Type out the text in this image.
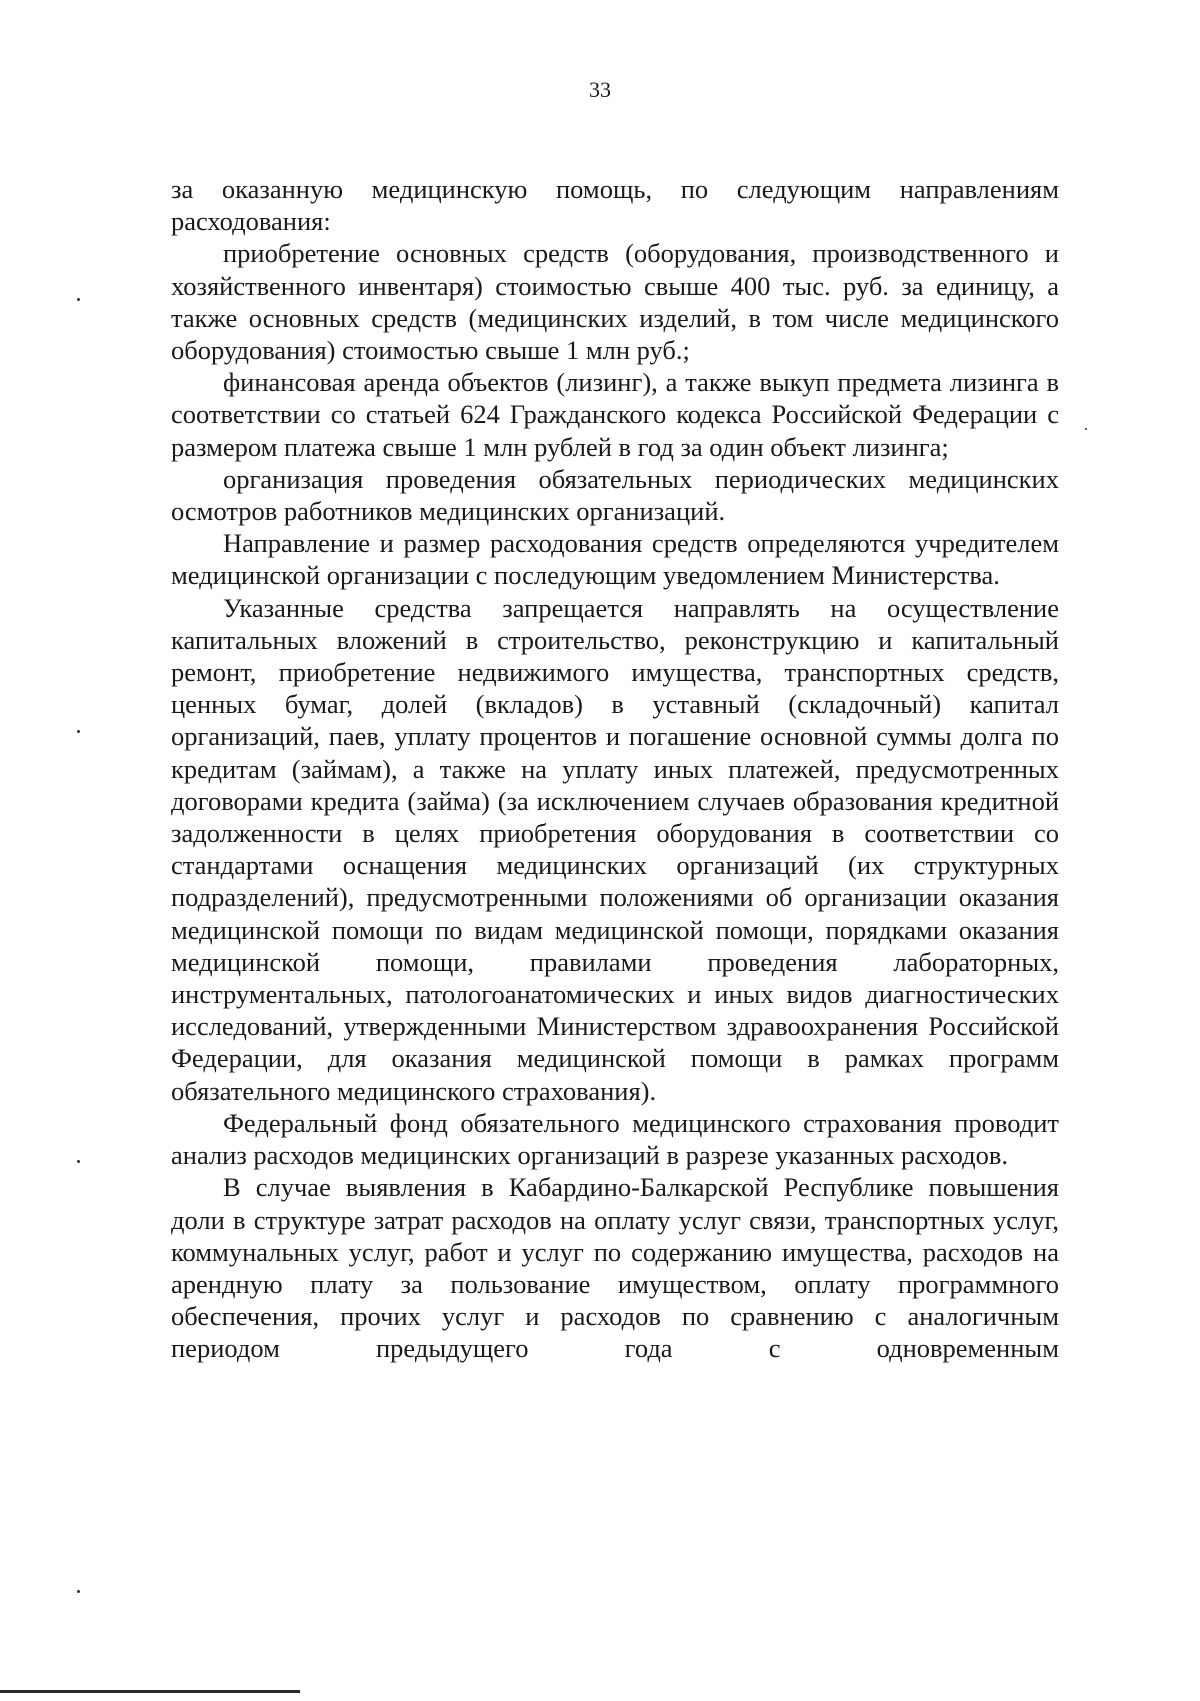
33

за оказанную медицинскую помощь, по следующим направлениям расходования:

приобретение основных средств (оборудования, производственного и хозяйственного инвентаря) стоимостью свыше 400 тыс. руб. за единицу, а также основных средств (медицинских изделий, в том числе медицинского оборудования) стоимостью свыше 1 млн руб.;

финансовая аренда объектов (лизинг), а также выкуп предмета лизинга в соответствии со статьей 624 Гражданского кодекса Российской Федерации с размером платежа свыше 1 млн рублей в год за один объект лизинга;

организация проведения обязательных периодических медицинских осмотров работников медицинских организаций.

Направление и размер расходования средств определяются учредителем медицинской организации с последующим уведомлением Министерства.

Указанные средства запрещается направлять на осуществление капитальных вложений в строительство, реконструкцию и капитальный ремонт, приобретение недвижимого имущества, транспортных средств, ценных бумаг, долей (вкладов) в уставный (складочный) капитал организаций, паев, уплату процентов и погашение основной суммы долга по кредитам (займам), а также на уплату иных платежей, предусмотренных договорами кредита (займа) (за исключением случаев образования кредитной задолженности в целях приобретения оборудования в соответствии со стандартами оснащения медицинских организаций (их структурных подразделений), предусмотренными положениями об организации оказания медицинской помощи по видам медицинской помощи, порядками оказания медицинской помощи, правилами проведения лабораторных, инструментальных, патологоанатомических и иных видов диагностических исследований, утвержденными Министерством здравоохранения Российской Федерации, для оказания медицинской помощи в рамках программ обязательного медицинского страхования).

Федеральный фонд обязательного медицинского страхования проводит анализ расходов медицинских организаций в разрезе указанных расходов.

В случае выявления в Кабардино-Балкарской Республике повышения доли в структуре затрат расходов на оплату услуг связи, транспортных услуг, коммунальных услуг, работ и услуг по содержанию имущества, расходов на арендную плату за пользование имуществом, оплату программного обеспечения, прочих услуг и расходов по сравнению с аналогичным периодом предыдущего года с одновременным
